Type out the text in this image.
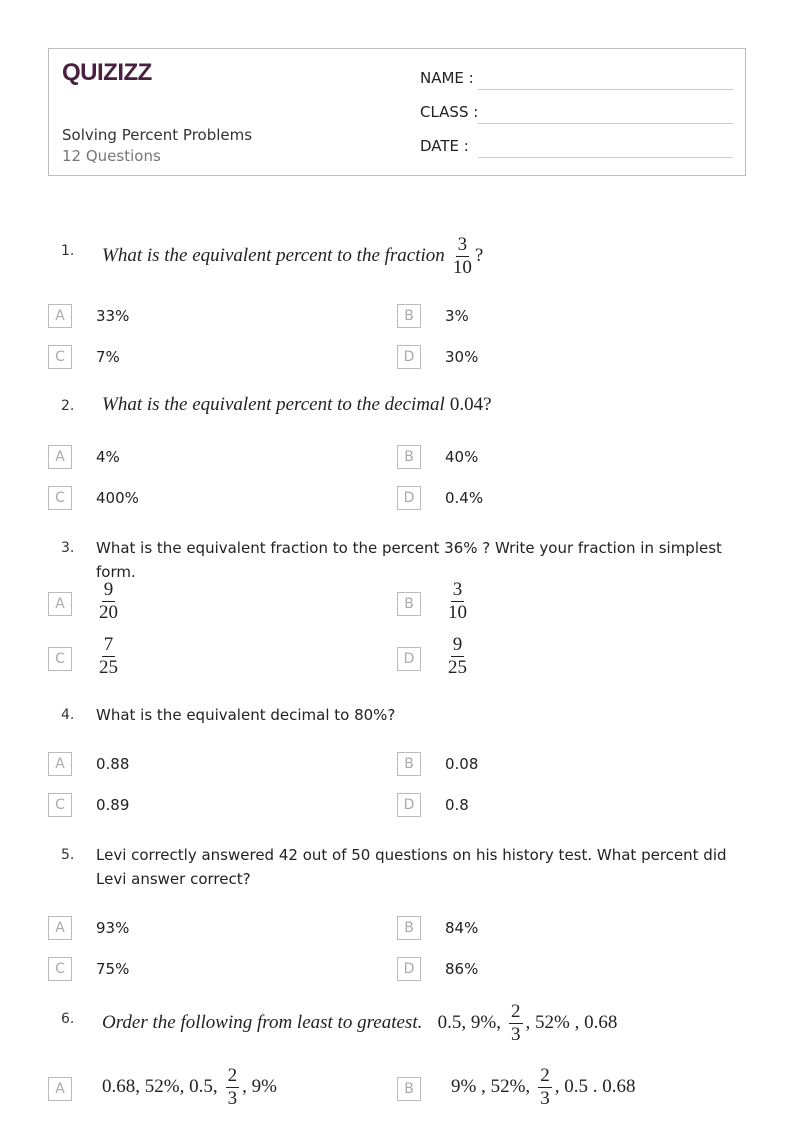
QUIZIZZ
Solving Percent Problems
12 Questions
NAME :
CLASS :
DATE :
1. What is the equivalent percent to the fraction $\frac{3}{10}$ ?
A	33%	B	3%
C	7%	D	30%
2. What is the equivalent percent to the decimal 0.04?
A	4%	B	40%
C	400%	D	0.4%
3. What is the equivalent fraction to the percent 36% ? Write your fraction in simplest form.
A	$\frac{9}{20}$	B	$\frac{3}{10}$
C	$\frac{7}{25}$	D	$\frac{9}{25}$
4. What is the equivalent decimal to 80%?
A	0.88	B	0.08
C	0.89	D	0.8
5. Levi correctly answered 42 out of 50 questions on his history test. What percent did Levi answer correct?
A	93%	B	84%
C	75%	D	86%
6. Order the following from least to greatest. 0.5, 9%, $\frac{2}{3}$ , 52% , 0.68
A	0.68, 52%, 0.5, $\frac{2}{3}$ , 9%	B	9% , 52%, $\frac{2}{3}$ , 0.5 . 0.68
